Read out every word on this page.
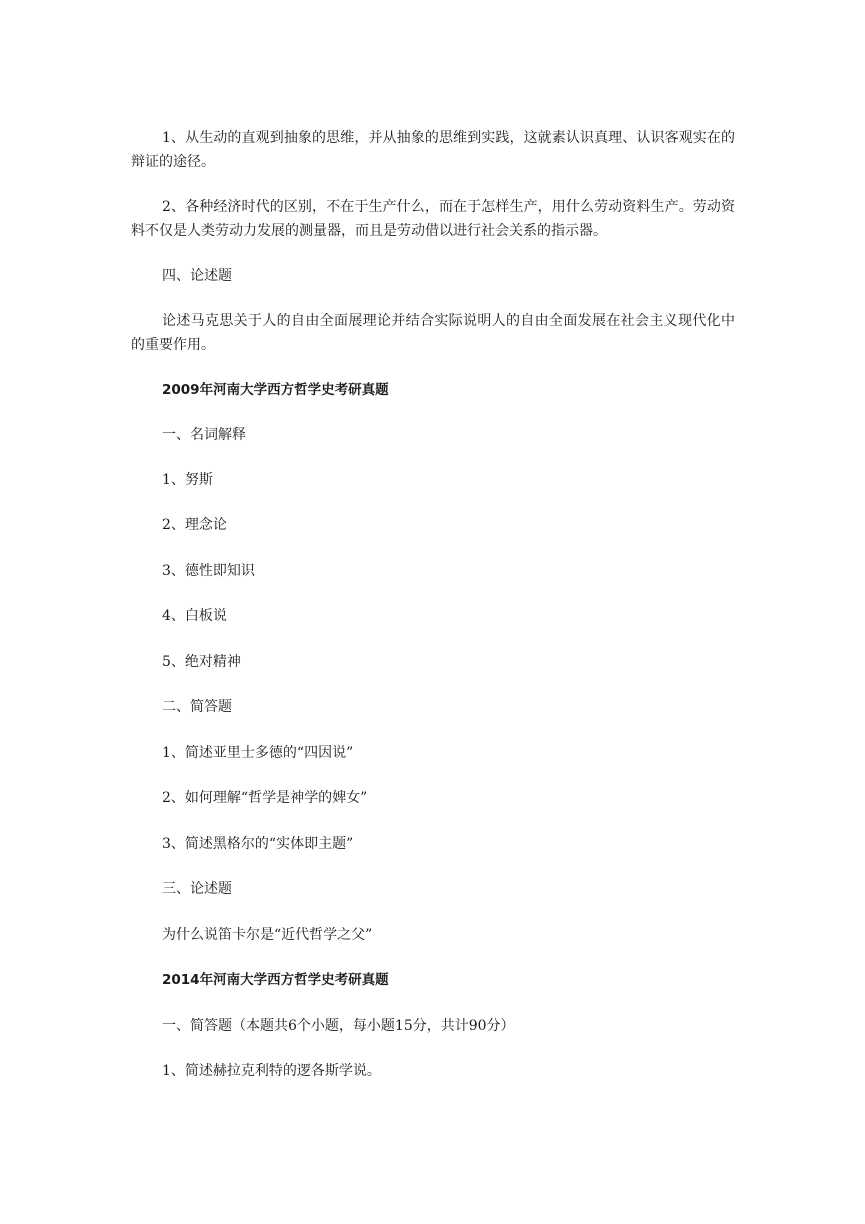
1、从生动的直观到抽象的思维，并从抽象的思维到实践，这就素认识真理、认识客观实在的辩证的途径。
2、各种经济时代的区别，不在于生产什么，而在于怎样生产，用什么劳动资料生产。劳动资料不仅是人类劳动力发展的测量器，而且是劳动借以进行社会关系的指示器。
四、论述题
论述马克思关于人的自由全面展理论并结合实际说明人的自由全面发展在社会主义现代化中的重要作用。
2009年河南大学西方哲学史考研真题
一、名词解释
1、努斯
2、理念论
3、德性即知识
4、白板说
5、绝对精神
二、简答题
1、简述亚里士多德的“四因说”
2、如何理解“哲学是神学的婢女”
3、简述黑格尔的“实体即主题”
三、论述题
为什么说笛卡尔是“近代哲学之父”
2014年河南大学西方哲学史考研真题
一、简答题（本题共6个小题，每小题15分，共计90分）
1、简述赫拉克利特的逻各斯学说。
